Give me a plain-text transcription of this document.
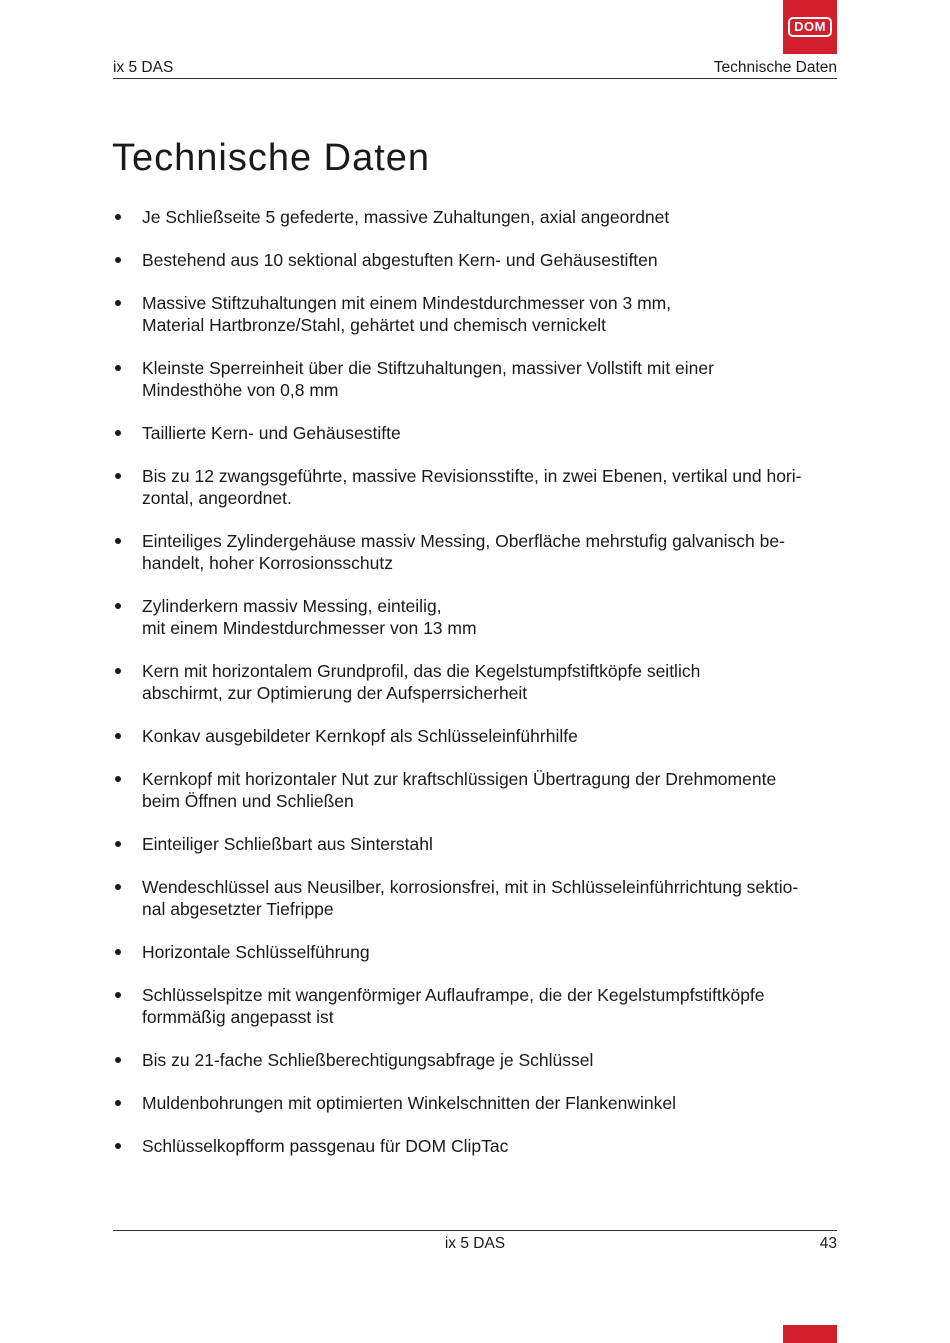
DOM
ix 5 DAS	Technische Daten
Technische Daten
Je Schließseite 5 gefederte, massive Zuhaltungen, axial angeordnet
Bestehend aus 10 sektional abgestuften Kern- und Gehäusestiften
Massive Stiftzuhaltungen mit einem Mindestdurchmesser von 3 mm,
Material Hartbronze/Stahl, gehärtet und chemisch vernickelt
Kleinste Sperreinheit über die Stiftzuhaltungen, massiver Vollstift mit einer
Mindesthöhe von 0,8 mm
Taillierte Kern- und Gehäusestifte
Bis zu 12 zwangsgeführte, massive Revisionsstifte, in zwei Ebenen, vertikal und hori-
zontal, angeordnet.
Einteiliges Zylindergehäuse massiv Messing, Oberfläche mehrstufig galvanisch be-
handelt, hoher Korrosionsschutz
Zylinderkern massiv Messing, einteilig,
mit einem Mindestdurchmesser von 13 mm
Kern mit horizontalem Grundprofil, das die Kegelstumpfstiftköpfe seitlich
abschirmt, zur Optimierung der Aufsperrsicherheit
Konkav ausgebildeter Kernkopf als Schlüsseleinführhilfe
Kernkopf mit horizontaler Nut zur kraftschlüssigen Übertragung der Drehmomente
beim Öffnen und Schließen
Einteiliger Schließbart aus Sinterstahl
Wendeschlüssel aus Neusilber, korrosionsfrei, mit in Schlüsseleinführrichtung sektio-
nal abgesetzter Tiefrippe
Horizontale Schlüsselführung
Schlüsselspitze mit wangenförmiger Auflauframpe, die der Kegelstumpfstiftköpfe
formmäßig angepasst ist
Bis zu 21-fache Schließberechtigungsabfrage je Schlüssel
Muldenbohrungen mit optimierten Winkelschnitten der Flankenwinkel
Schlüsselkopfform passgenau für DOM ClipTac
ix 5 DAS	43
